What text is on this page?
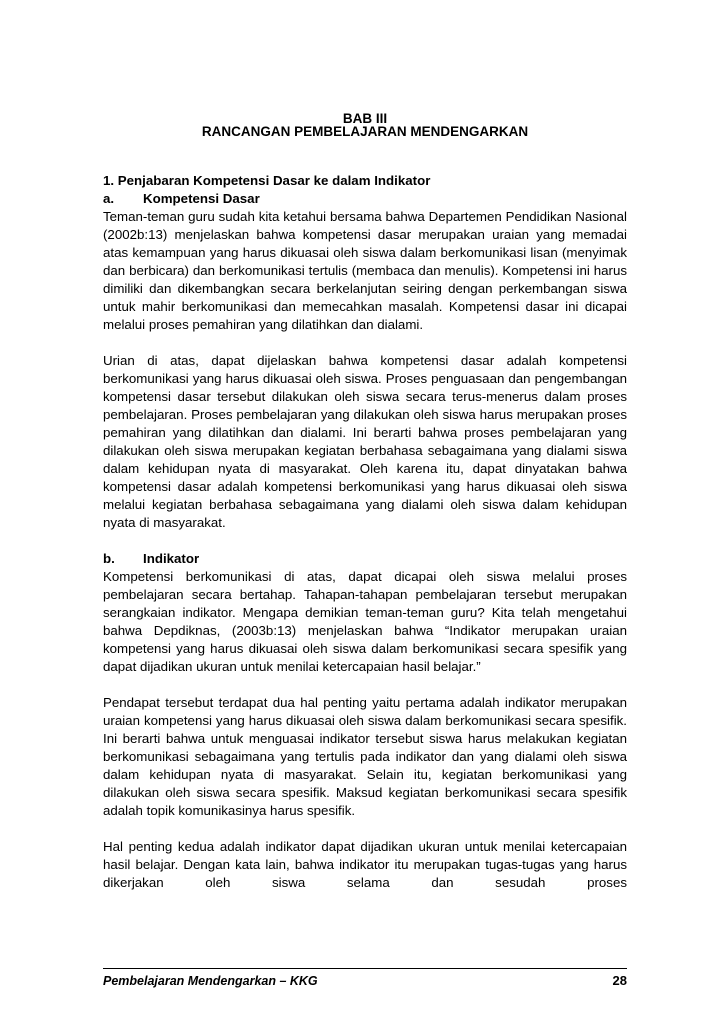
BAB III
RANCANGAN PEMBELAJARAN MENDENGARKAN
1. Penjabaran Kompetensi Dasar ke dalam Indikator
a. Kompetensi Dasar

Teman-teman guru sudah kita ketahui bersama bahwa Departemen Pendidikan Nasional (2002b:13) menjelaskan bahwa kompetensi dasar merupakan uraian yang memadai atas kemampuan yang harus dikuasai oleh siswa dalam berkomunikasi lisan (menyimak dan berbicara) dan berkomunikasi tertulis (membaca dan menulis). Kompetensi ini harus dimiliki dan dikembangkan secara berkelanjutan seiring dengan perkembangan siswa untuk mahir berkomunikasi dan memecahkan masalah. Kompetensi dasar ini dicapai melalui proses pemahiran yang dilatihkan dan dialami.

Urian di atas, dapat dijelaskan bahwa kompetensi dasar adalah kompetensi berkomunikasi yang harus dikuasai oleh siswa. Proses penguasaan dan pengembangan kompetensi dasar tersebut dilakukan oleh siswa secara terus-menerus dalam proses pembelajaran. Proses pembelajaran yang dilakukan oleh siswa harus merupakan proses pemahiran yang dilatihkan dan dialami. Ini berarti bahwa proses pembelajaran yang dilakukan oleh siswa merupakan kegiatan berbahasa sebagaimana yang dialami siswa dalam kehidupan nyata di masyarakat. Oleh karena itu, dapat dinyatakan bahwa kompetensi dasar adalah kompetensi berkomunikasi yang harus dikuasai oleh siswa melalui kegiatan berbahasa sebagaimana yang dialami oleh siswa dalam kehidupan nyata di masyarakat.

b. Indikator

Kompetensi berkomunikasi di atas, dapat dicapai oleh siswa melalui proses pembelajaran secara bertahap. Tahapan-tahapan pembelajaran tersebut merupakan serangkaian indikator. Mengapa demikian teman-teman guru? Kita telah mengetahui bahwa Depdiknas, (2003b:13) menjelaskan bahwa “Indikator merupakan uraian kompetensi yang harus dikuasai oleh siswa dalam berkomunikasi secara spesifik yang dapat dijadikan ukuran untuk menilai ketercapaian hasil belajar.”

Pendapat tersebut terdapat dua hal penting yaitu pertama adalah indikator merupakan uraian kompetensi yang harus dikuasai oleh siswa dalam berkomunikasi secara spesifik. Ini berarti bahwa untuk menguasai indikator tersebut siswa harus melakukan kegiatan berkomunikasi sebagaimana yang tertulis pada indikator dan yang dialami oleh siswa dalam kehidupan nyata di masyarakat. Selain itu, kegiatan berkomunikasi yang dilakukan oleh siswa secara spesifik. Maksud kegiatan berkomunikasi secara spesifik adalah topik komunikasinya harus spesifik.

Hal penting kedua adalah indikator dapat dijadikan ukuran untuk menilai ketercapaian hasil belajar. Dengan kata lain, bahwa indikator itu merupakan tugas-tugas yang harus dikerjakan oleh siswa selama dan sesudah proses

Pembelajaran Mendengarkan – KKG	28
